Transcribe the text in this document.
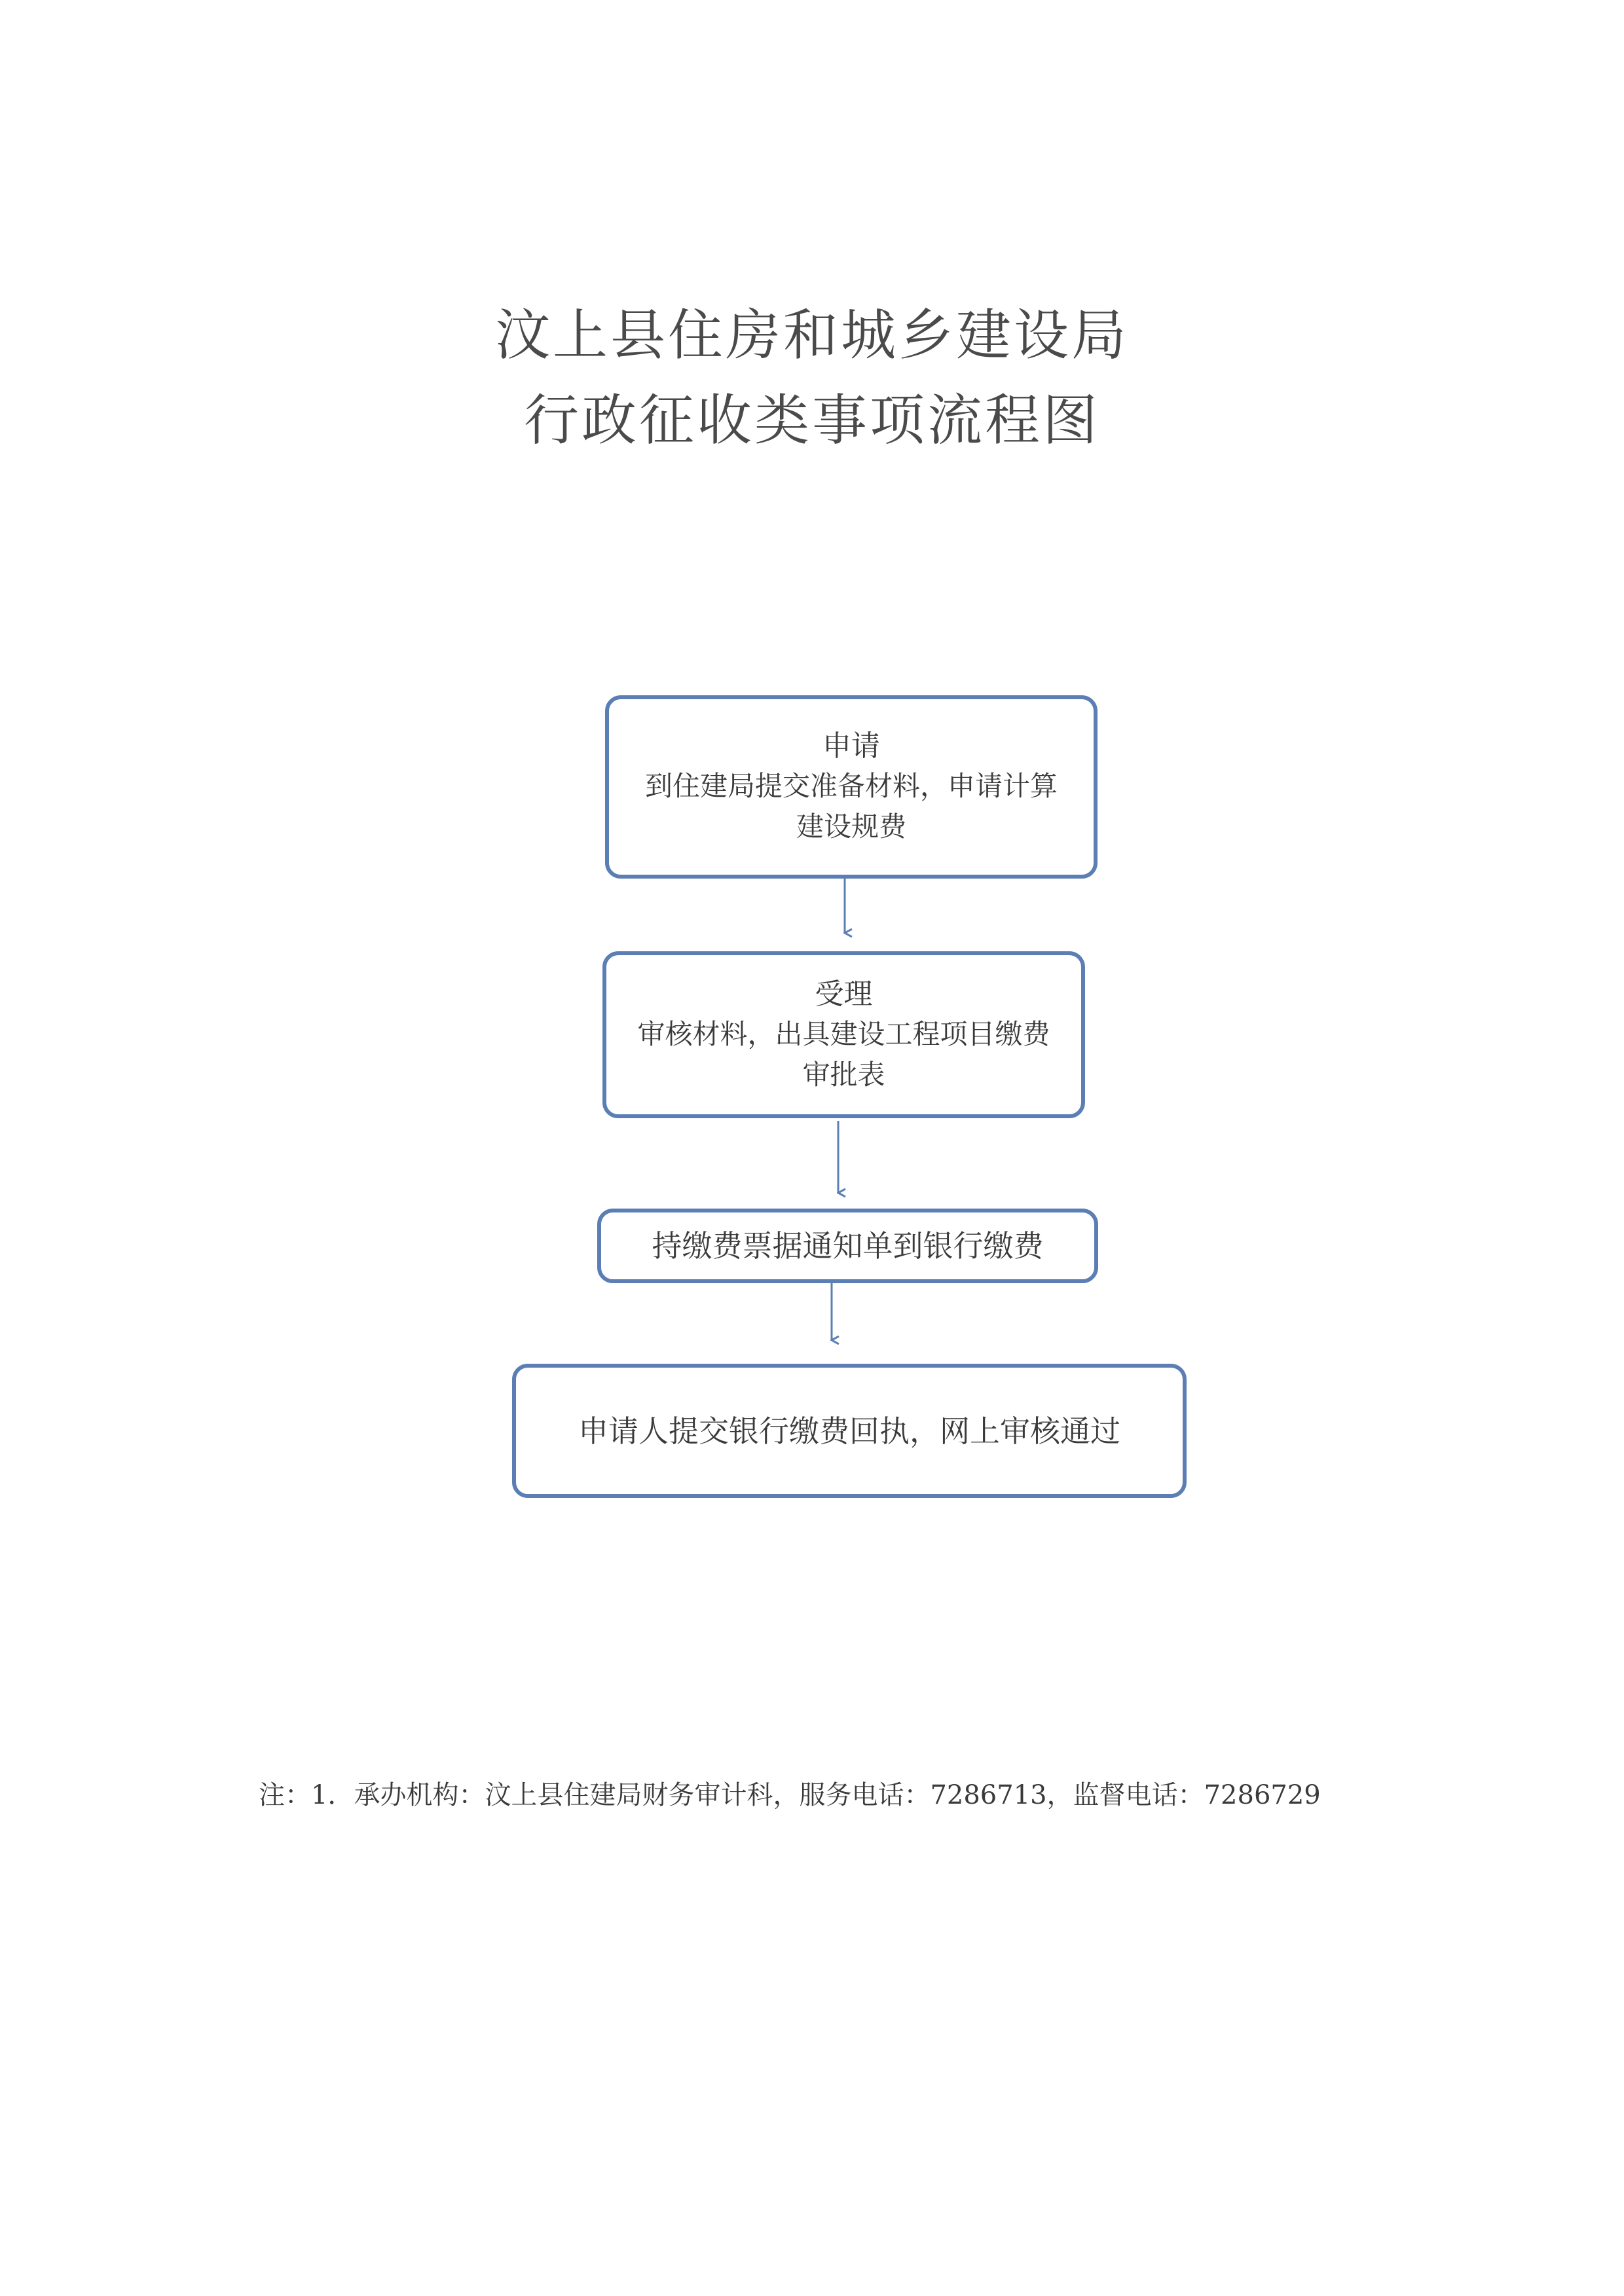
汶上县住房和城乡建设局
行政征收类事项流程图
申请
到住建局提交准备材料，申请计算
建设规费
受理
审核材料，出具建设工程项目缴费
审批表
持缴费票据通知单到银行缴费
申请人提交银行缴费回执，网上审核通过
注：1．承办机构：汶上县住建局财务审计科，服务电话：7286713，监督电话：7286729
